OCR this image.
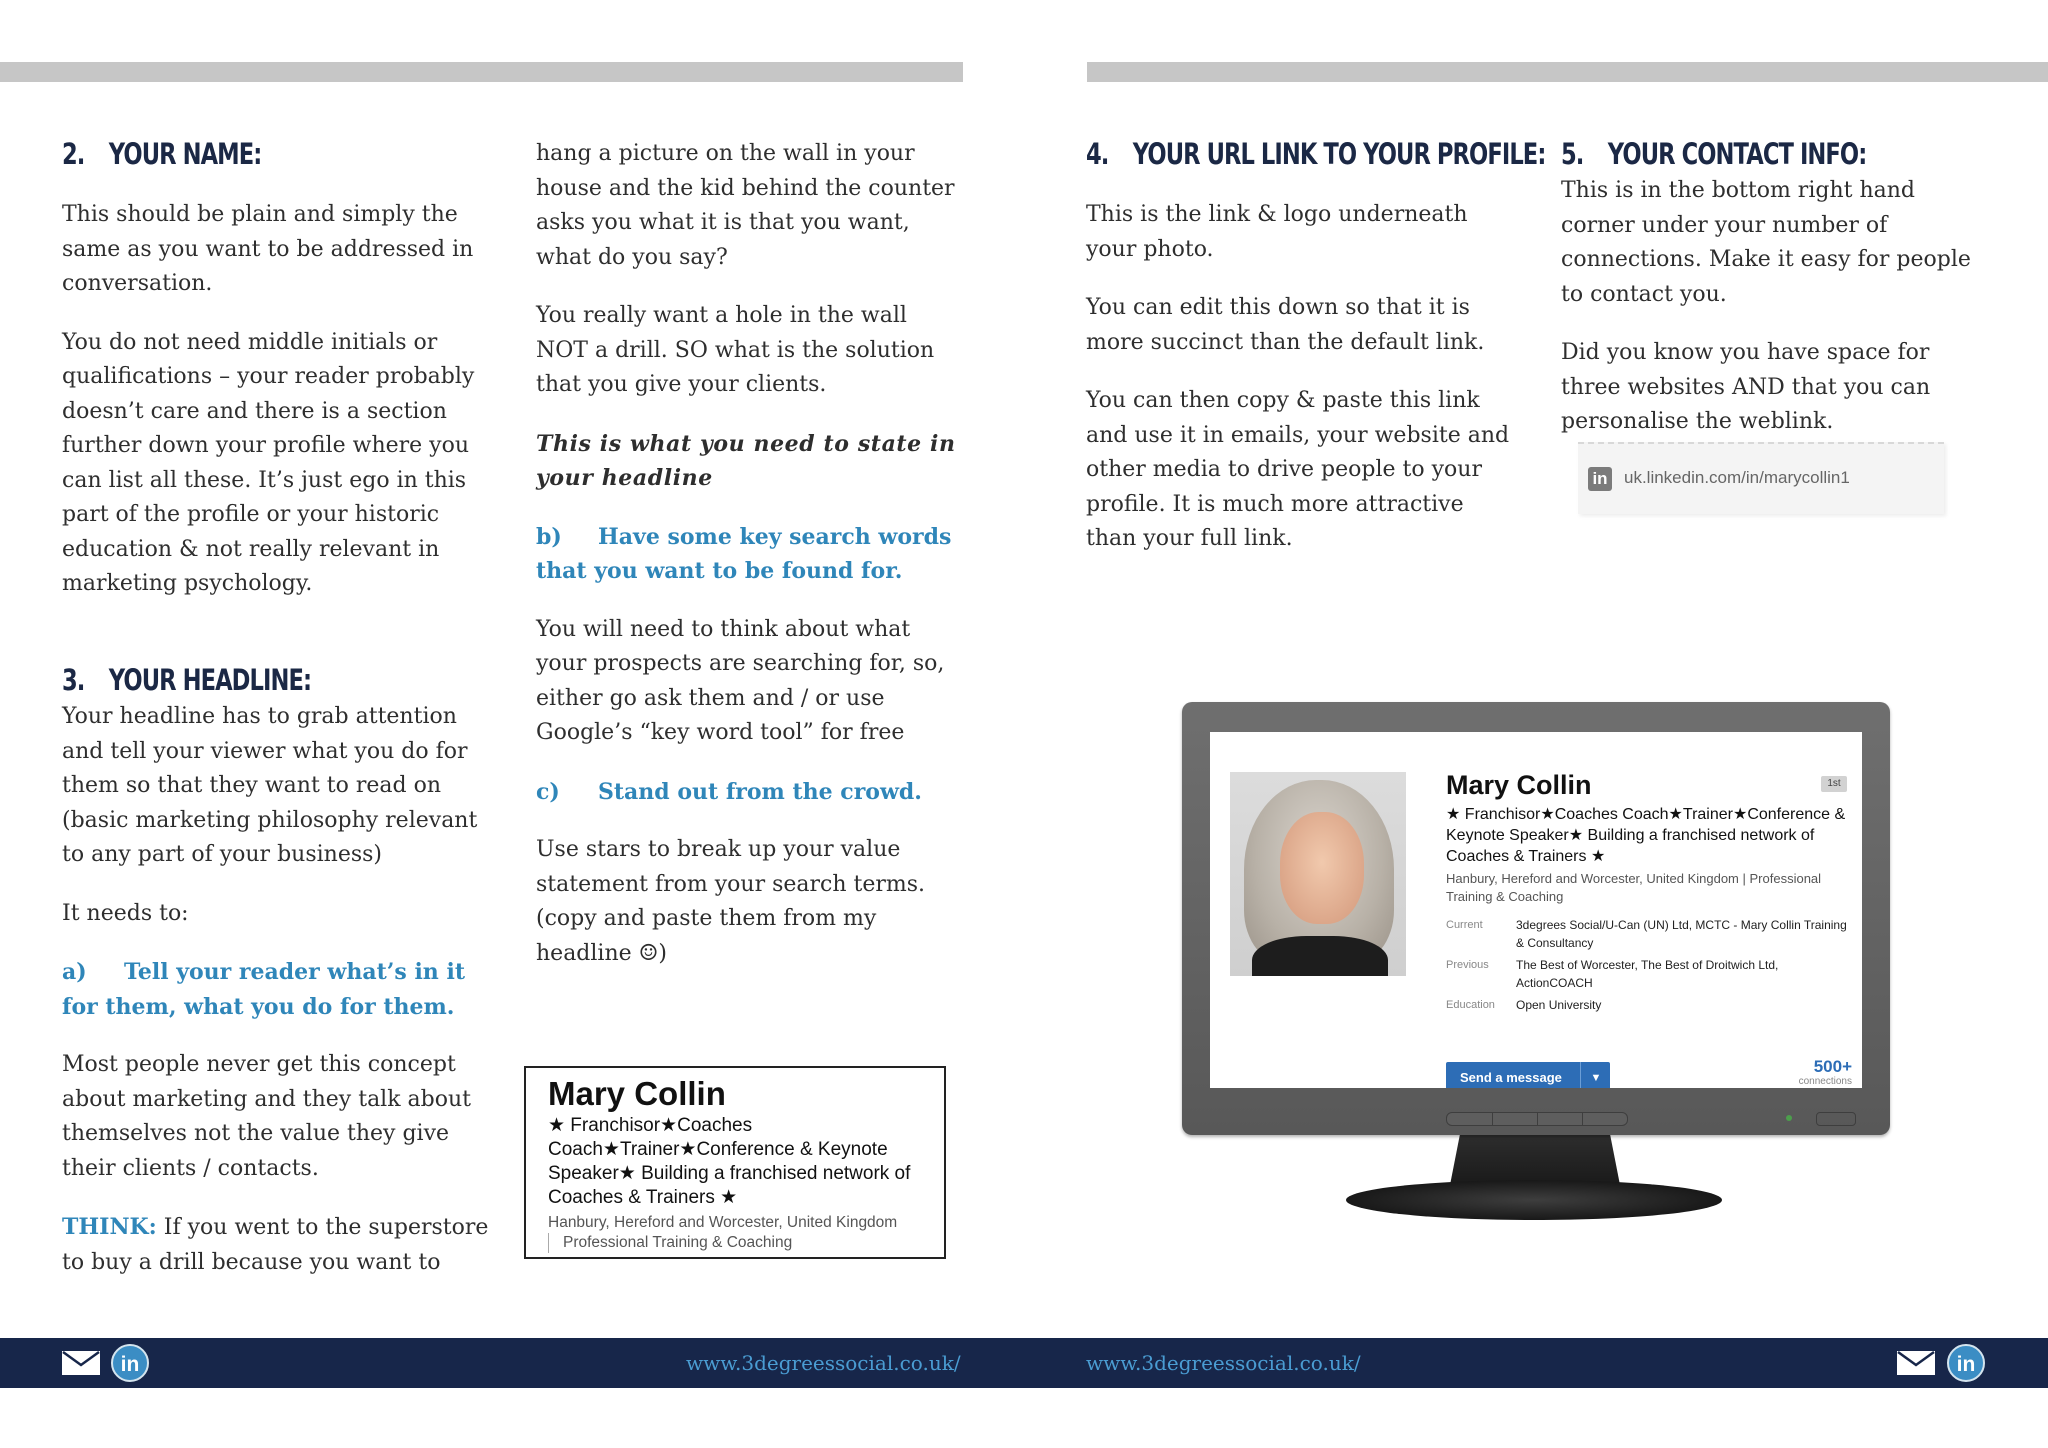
2. YOUR NAME:

This should be plain and simply the same as you want to be addressed in conversation.

You do not need middle initials or qualifications – your reader probably doesn’t care and there is a section further down your profile where you can list all these. It’s just ego in this part of the profile or your historic education & not really relevant in marketing psychology.

3. YOUR HEADLINE:

Your headline has to grab attention and tell your viewer what you do for them so that they want to read on (basic marketing philosophy relevant to any part of your business)

It needs to:

a) Tell your reader what’s in it for them, what you do for them.

Most people never get this concept about marketing and they talk about themselves not the value they give their clients / contacts.

THINK: If you went to the superstore to buy a drill because you want to

hang a picture on the wall in your house and the kid behind the counter asks you what it is that you want, what do you say?

You really want a hole in the wall NOT a drill. SO what is the solution that you give your clients.

This is what you need to state in your headline

b) Have some key search words that you want to be found for.

You will need to think about what your prospects are searching for, so, either go ask them and / or use Google’s “key word tool” for free

c) Stand out from the crowd.

Use stars to break up your value statement from your search terms. (copy and paste them from my headline ☺)

Mary Collin
★ Franchisor★Coaches Coach★Trainer★Conference & Keynote Speaker★ Building a franchised network of Coaches & Trainers ★
Hanbury, Hereford and Worcester, United Kingdom
Professional Training & Coaching
4. YOUR URL LINK TO YOUR PROFILE:

This is the link & logo underneath your photo.

You can edit this down so that it is more succinct than the default link.

You can then copy & paste this link and use it in emails, your website and other media to drive people to your profile. It is much more attractive than your full link.

5. YOUR CONTACT INFO:

This is in the bottom right hand corner under your number of connections. Make it easy for people to contact you.

Did you know you have space for three websites AND that you can personalise the weblink.

in uk.linkedin.com/in/marycollin1
Mary Collin	1st
★ Franchisor★Coaches Coach★Trainer★Conference & Keynote Speaker★ Building a franchised network of Coaches & Trainers ★
Hanbury, Hereford and Worcester, United Kingdom | Professional Training & Coaching
Current	3degrees Social/U-Can (UN) Ltd, MCTC - Mary Collin Training & Consultancy
Previous	The Best of Worcester, The Best of Droitwich Ltd, ActionCOACH
Education	Open University
Send a message	▼
500+
connections
in	www.3degreessocial.co.uk/	www.3degreessocial.co.uk/	in
